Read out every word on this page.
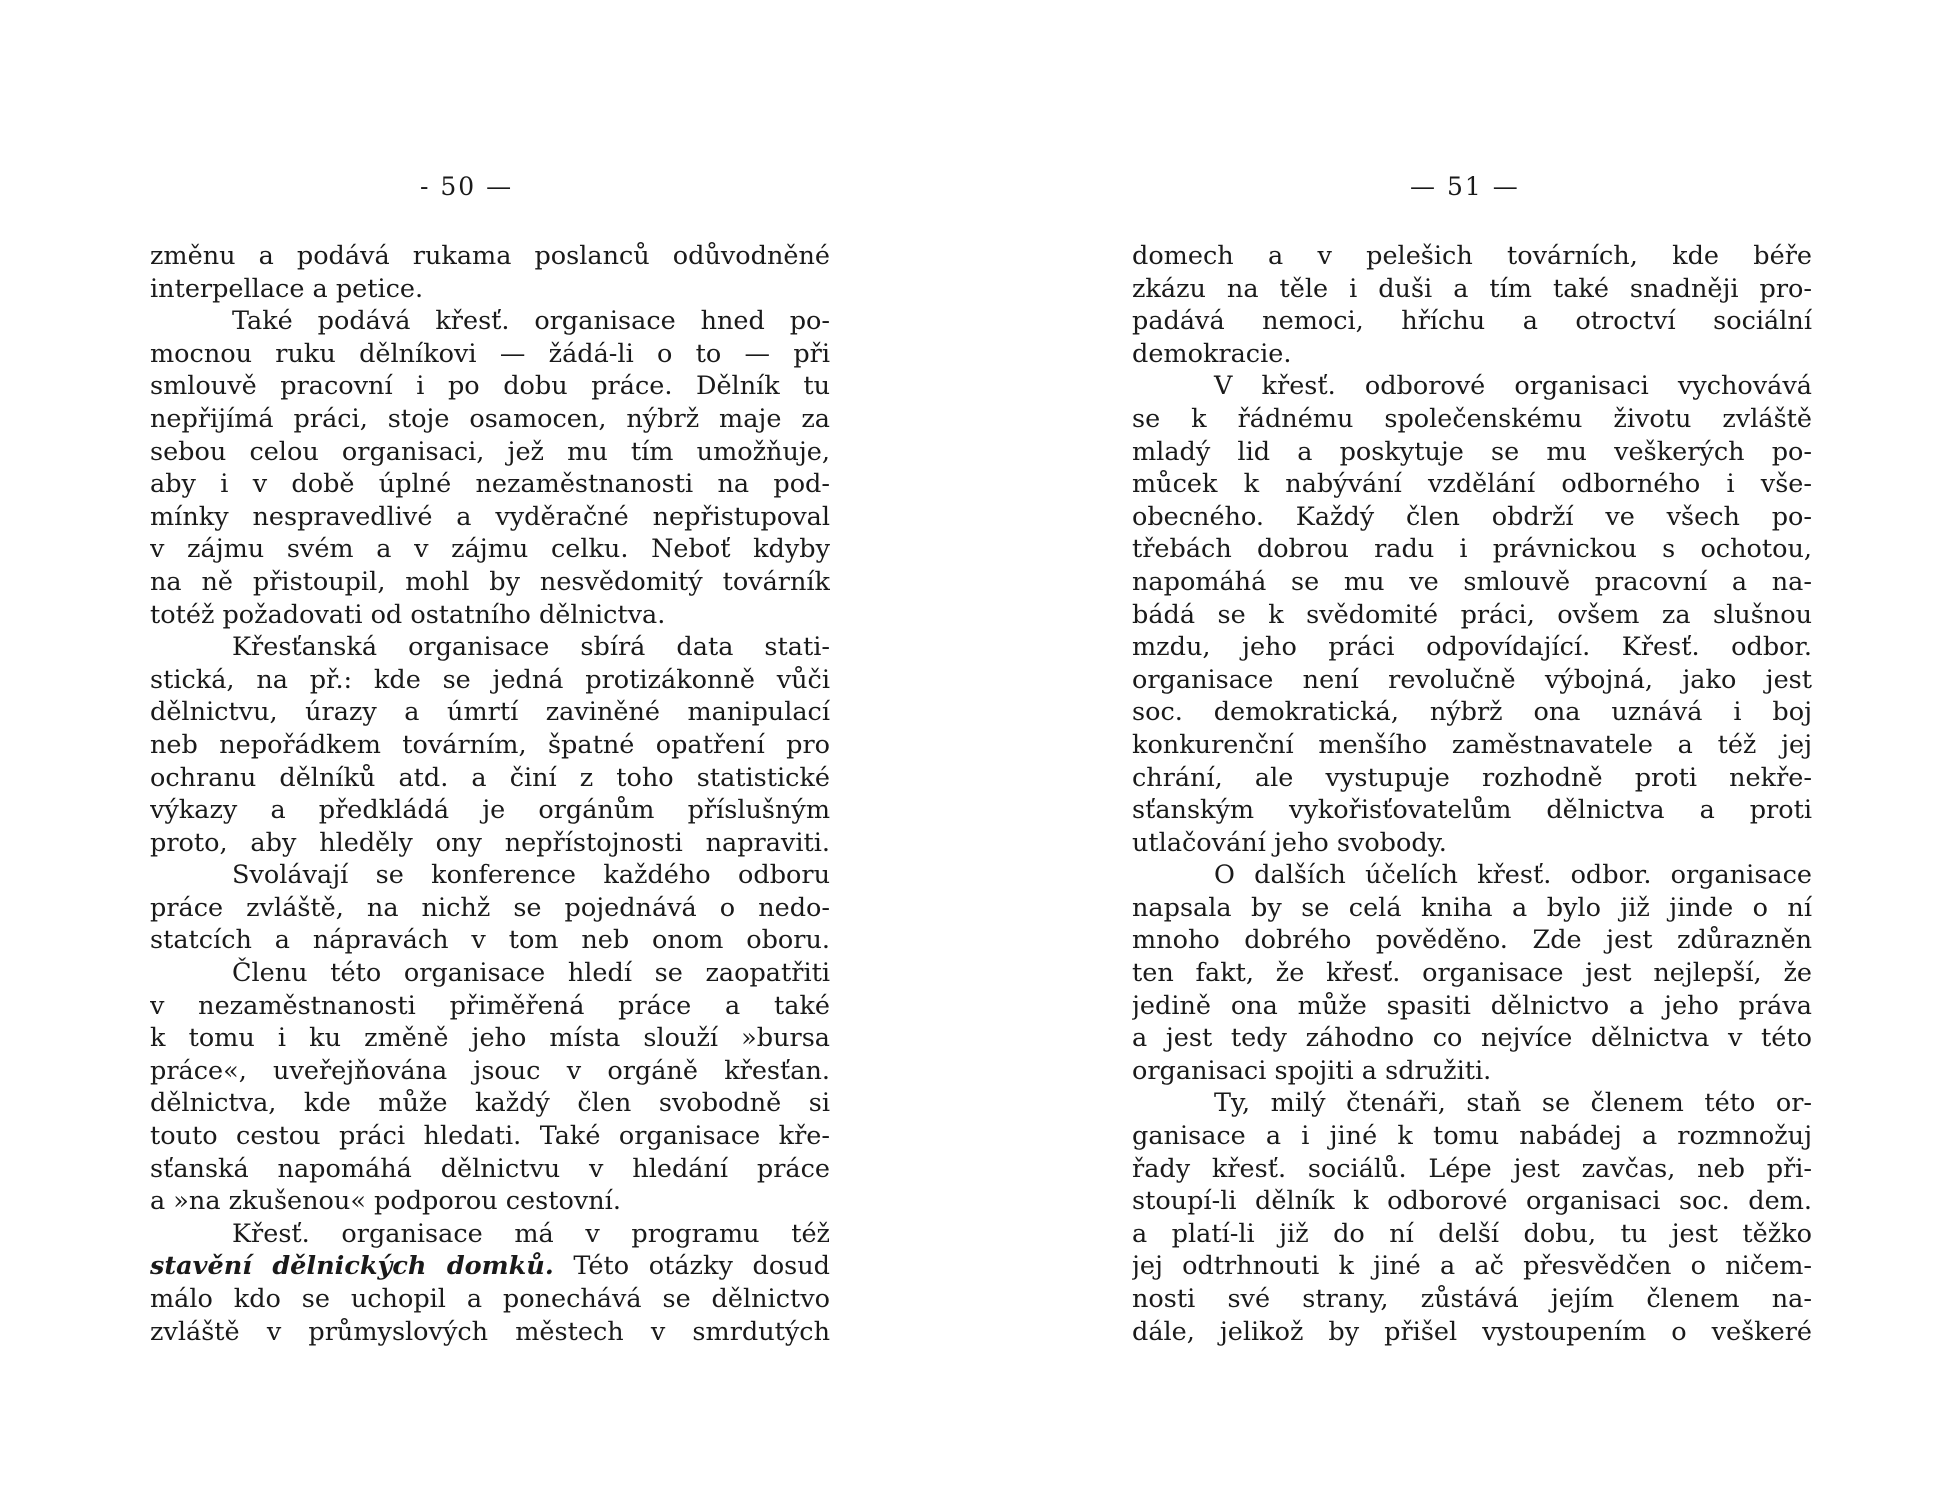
- 50 —
změnu a podává rukama poslanců odůvodněné
interpellace a petice.
Také podává křesť. organisace hned po-
mocnou ruku dělníkovi — žádá-li o to — při
smlouvě pracovní i po dobu práce. Dělník tu
nepřijímá práci, stoje osamocen, nýbrž maje za
sebou celou organisaci, jež mu tím umožňuje,
aby i v době úplné nezaměstnanosti na pod-
mínky nespravedlivé a vyděračné nepřistupoval
v zájmu svém a v zájmu celku. Neboť kdyby
na ně přistoupil, mohl by nesvědomitý továrník
totéž požadovati od ostatního dělnictva.
Křesťanská organisace sbírá data stati-
stická, na př.: kde se jedná protizákonně vůči
dělnictvu, úrazy a úmrtí zaviněné manipulací
neb nepořádkem továrním, špatné opatření pro
ochranu dělníků atd. a činí z toho statistické
výkazy a předkládá je orgánům příslušným
proto, aby hleděly ony nepřístojnosti napraviti.
Svolávají se konference každého odboru
práce zvláště, na nichž se pojednává o nedo-
statcích a nápravách v tom neb onom oboru.
Členu této organisace hledí se zaopatřiti
v nezaměstnanosti přiměřená práce a také
k tomu i ku změně jeho místa slouží »bursa
práce«, uveřejňována jsouc v orgáně křesťan.
dělnictva, kde může každý člen svobodně si
touto cestou práci hledati. Také organisace kře-
sťanská napomáhá dělnictvu v hledání práce
a »na zkušenou« podporou cestovní.
Křesť. organisace má v programu též
stavění dělnických domků. Této otázky dosud
málo kdo se uchopil a ponechává se dělnictvo
zvláště v průmyslových městech v smrdutých
— 51 —
domech a v pelešich továrních, kde béře
zkázu na těle i duši a tím také snadněji pro-
padává nemoci, hříchu a otroctví sociální
demokracie.
V křesť. odborové organisaci vychovává
se k řádnému společenskému životu zvláště
mladý lid a poskytuje se mu veškerých po-
můcek k nabývání vzdělání odborného i vše-
obecného. Každý člen obdrží ve všech po-
třebách dobrou radu i právnickou s ochotou,
napomáhá se mu ve smlouvě pracovní a na-
bádá se k svědomité práci, ovšem za slušnou
mzdu, jeho práci odpovídající. Křesť. odbor.
organisace není revolučně výbojná, jako jest
soc. demokratická, nýbrž ona uznává i boj
konkurenční menšího zaměstnavatele a též jej
chrání, ale vystupuje rozhodně proti nekře-
sťanským vykořisťovatelům dělnictva a proti
utlačování jeho svobody.
O dalších účelích křesť. odbor. organisace
napsala by se celá kniha a bylo již jinde o ní
mnoho dobrého pověděno. Zde jest zdůrazněn
ten fakt, že křesť. organisace jest nejlepší, že
jedině ona může spasiti dělnictvo a jeho práva
a jest tedy záhodno co nejvíce dělnictva v této
organisaci spojiti a sdružiti.
Ty, milý čtenáři, staň se členem této or-
ganisace a i jiné k tomu nabádej a rozmnožuj
řady křesť. sociálů. Lépe jest zavčas, neb při-
stoupí-li dělník k odborové organisaci soc. dem.
a platí-li již do ní delší dobu, tu jest těžko
jej odtrhnouti k jiné a ač přesvědčen o ničem-
nosti své strany, zůstává jejím členem na-
dále, jelikož by přišel vystoupením o veškeré
